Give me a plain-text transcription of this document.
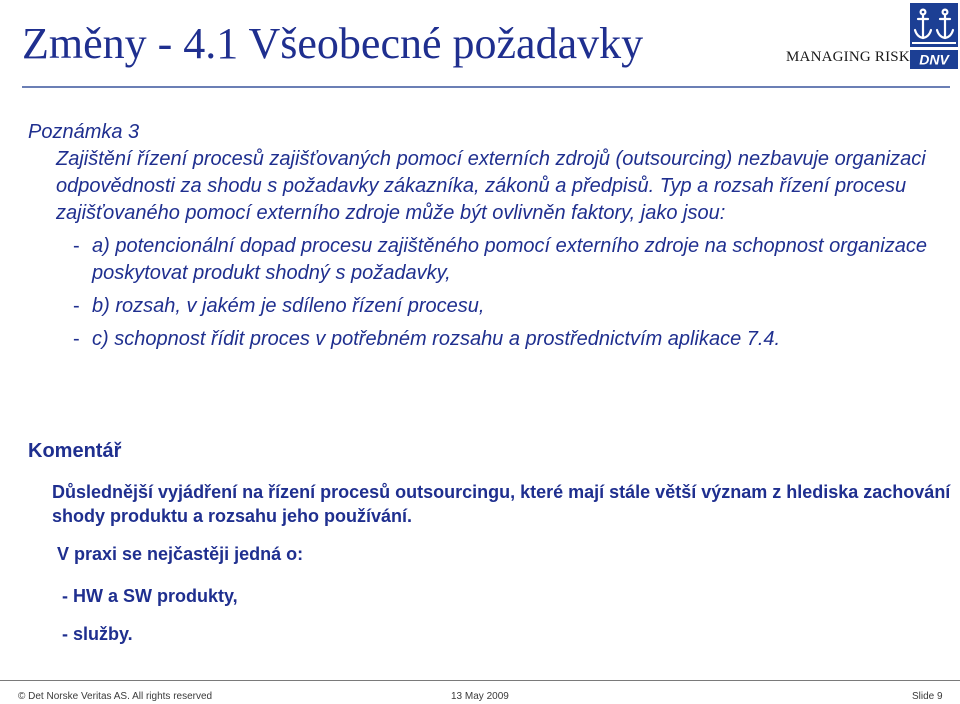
Změny - 4.1 Všeobecné požadavky	MANAGING RISK DNV
Poznámka 3
Zajištění řízení procesů zajišťovaných pomocí externích zdrojů (outsourcing) nezbavuje organizaci odpovědnosti za shodu s požadavky zákazníka, zákonů a předpisů. Typ a rozsah řízení procesu zajišťovaného pomocí externího zdroje může být ovlivněn faktory, jako jsou:
- a) potencionální dopad procesu zajištěného pomocí externího zdroje na schopnost organizace poskytovat produkt shodný s požadavky,
- b) rozsah, v jakém je sdíleno řízení procesu,
- c) schopnost řídit proces v potřebném rozsahu a prostřednictvím aplikace 7.4.
Komentář
Důslednější vyjádření na řízení procesů outsourcingu, které mají stále větší význam z hlediska zachování shody produktu a rozsahu jeho používání.
V praxi se nejčastěji jedná o:
- HW a SW produkty,
- služby.
© Det Norske Veritas AS. All rights reserved	13 May 2009	Slide 9
